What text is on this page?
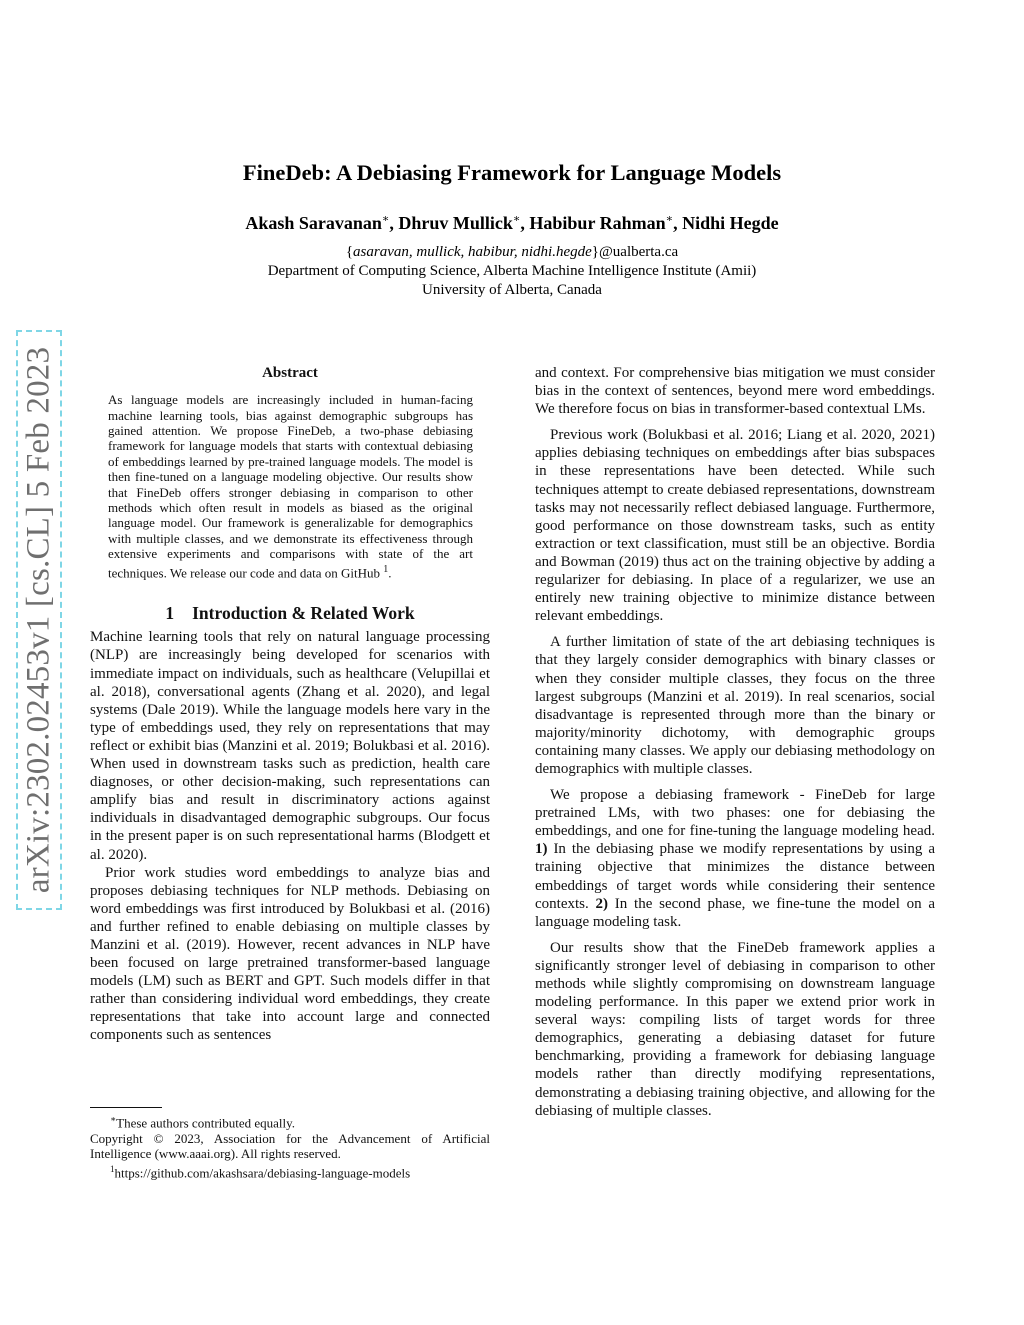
arXiv:2302.02453v1 [cs.CL] 5 Feb 2023
FineDeb: A Debiasing Framework for Language Models
Akash Saravanan∗, Dhruv Mullick∗, Habibur Rahman∗, Nidhi Hegde
{asaravan, mullick, habibur, nidhi.hegde}@ualberta.ca
Department of Computing Science, Alberta Machine Intelligence Institute (Amii)
University of Alberta, Canada
Abstract
As language models are increasingly included in human-facing machine learning tools, bias against demographic subgroups has gained attention. We propose FineDeb, a two-phase debiasing framework for language models that starts with contextual debiasing of embeddings learned by pre-trained language models. The model is then fine-tuned on a language modeling objective. Our results show that FineDeb offers stronger debiasing in comparison to other methods which often result in models as biased as the original language model. Our framework is generalizable for demographics with multiple classes, and we demonstrate its effectiveness through extensive experiments and comparisons with state of the art techniques. We release our code and data on GitHub $^1$.
1 Introduction & Related Work

Machine learning tools that rely on natural language processing (NLP) are increasingly being developed for scenarios with immediate impact on individuals, such as healthcare (Velupillai et al. 2018), conversational agents (Zhang et al. 2020), and legal systems (Dale 2019). While the language models here vary in the type of embeddings used, they rely on representations that may reflect or exhibit bias (Manzini et al. 2019; Bolukbasi et al. 2016). When used in downstream tasks such as prediction, health care diagnoses, or other decision-making, such representations can amplify bias and result in discriminatory actions against individuals in disadvantaged demographic subgroups. Our focus in the present paper is on such representational harms (Blodgett et al. 2020).

Prior work studies word embeddings to analyze bias and proposes debiasing techniques for NLP methods. Debiasing on word embeddings was first introduced by Bolukbasi et al. (2016) and further refined to enable debiasing on multiple classes by Manzini et al. (2019). However, recent advances in NLP have been focused on large pretrained transformer-based language models (LM) such as BERT and GPT. Such models differ in that rather than considering individual word embeddings, they create representations that take into account large and connected components such as sentences

∗These authors contributed equally.
Copyright © 2023, Association for the Advancement of Artificial Intelligence (www.aaai.org). All rights reserved.
$^1$https://github.com/akashsara/debiasing-language-models

and context. For comprehensive bias mitigation we must consider bias in the context of sentences, beyond mere word embeddings. We therefore focus on bias in transformer-based contextual LMs.

Previous work (Bolukbasi et al. 2016; Liang et al. 2020, 2021) applies debiasing techniques on embeddings after bias subspaces in these representations have been detected. While such techniques attempt to create debiased representations, downstream tasks may not necessarily reflect debiased language. Furthermore, good performance on those downstream tasks, such as entity extraction or text classification, must still be an objective. Bordia and Bowman (2019) thus act on the training objective by adding a regularizer for debiasing. In place of a regularizer, we use an entirely new training objective to minimize distance between relevant embeddings.

A further limitation of state of the art debiasing techniques is that they largely consider demographics with binary classes or when they consider multiple classes, they focus on the three largest subgroups (Manzini et al. 2019). In real scenarios, social disadvantage is represented through more than the binary or majority/minority dichotomy, with demographic groups containing many classes. We apply our debiasing methodology on demographics with multiple classes.

We propose a debiasing framework - FineDeb for large pretrained LMs, with two phases: one for debiasing the embeddings, and one for fine-tuning the language modeling head. 1) In the debiasing phase we modify representations by using a training objective that minimizes the distance between embeddings of target words while considering their sentence contexts. 2) In the second phase, we fine-tune the model on a language modeling task.

Our results show that the FineDeb framework applies a significantly stronger level of debiasing in comparison to other methods while slightly compromising on downstream language modeling performance. In this paper we extend prior work in several ways: compiling lists of target words for three demographics, generating a debiasing dataset for future benchmarking, providing a framework for debiasing language models rather than directly modifying representations, demonstrating a debiasing training objective, and allowing for the debiasing of multiple classes.
